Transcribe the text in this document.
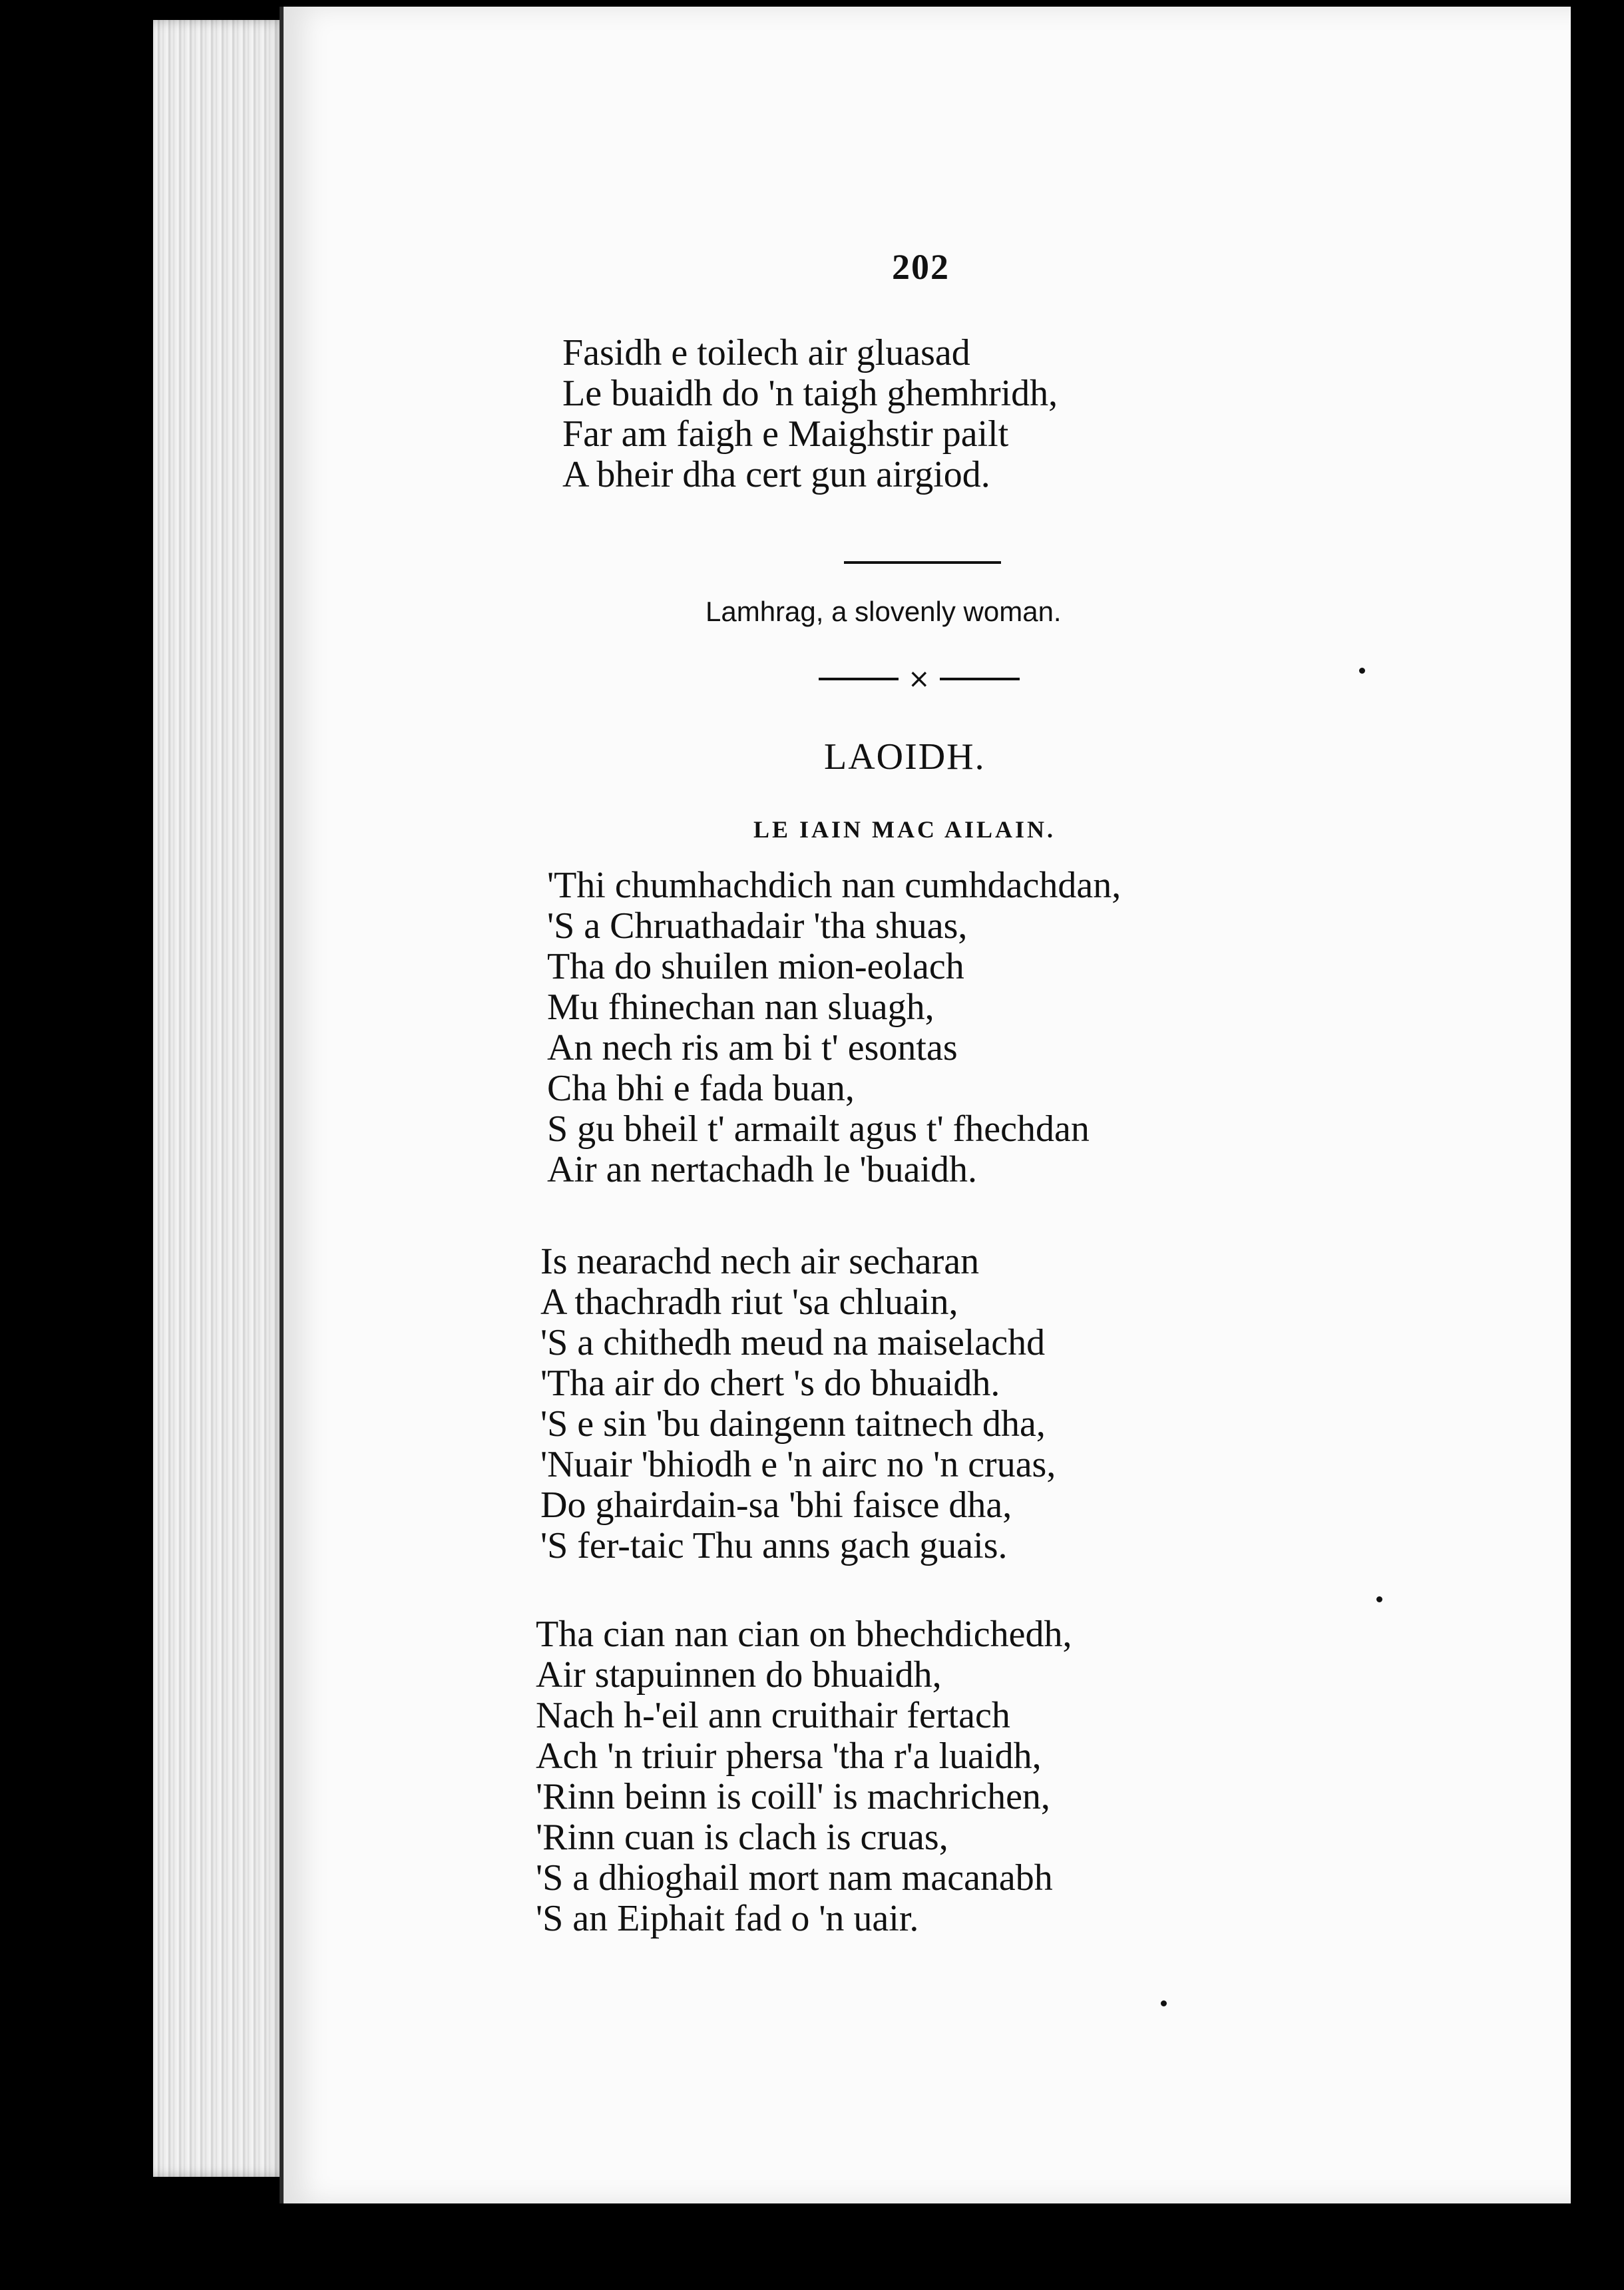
202
Fasidh e toilech air gluasad
Le buaidh do 'n taigh ghemhridh,
Far am faigh e Maighstir pailt
A bheir dha cert gun airgiod.
Lamhrag, a slovenly woman.
×
LAOIDH.
LE IAIN MAC AILAIN.
'Thi chumhachdich nan cumhdachdan,
'S a Chruathadair 'tha shuas,
Tha do shuilen mion-eolach
Mu fhinechan nan sluagh,
An nech ris am bi t' esontas
Cha bhi e fada buan,
S gu bheil t' armailt agus t' fhechdan
Air an nertachadh le 'buaidh.
Is nearachd nech air secharan
A thachradh riut 'sa chluain,
'S a chithedh meud na maiselachd
'Tha air do chert 's do bhuaidh.
'S e sin 'bu daingenn taitnech dha,
'Nuair 'bhiodh e 'n airc no 'n cruas,
Do ghairdain-sa 'bhi faisce dha,
'S fer-taic Thu anns gach guais.
Tha cian nan cian on bhechdichedh,
Air stapuinnen do bhuaidh,
Nach h-'eil ann cruithair fertach
Ach 'n triuir phersa 'tha r'a luaidh,
'Rinn beinn is coill' is machrichen,
'Rinn cuan is clach is cruas,
'S a dhioghail mort nam macanabh
'S an Eiphait fad o 'n uair.
